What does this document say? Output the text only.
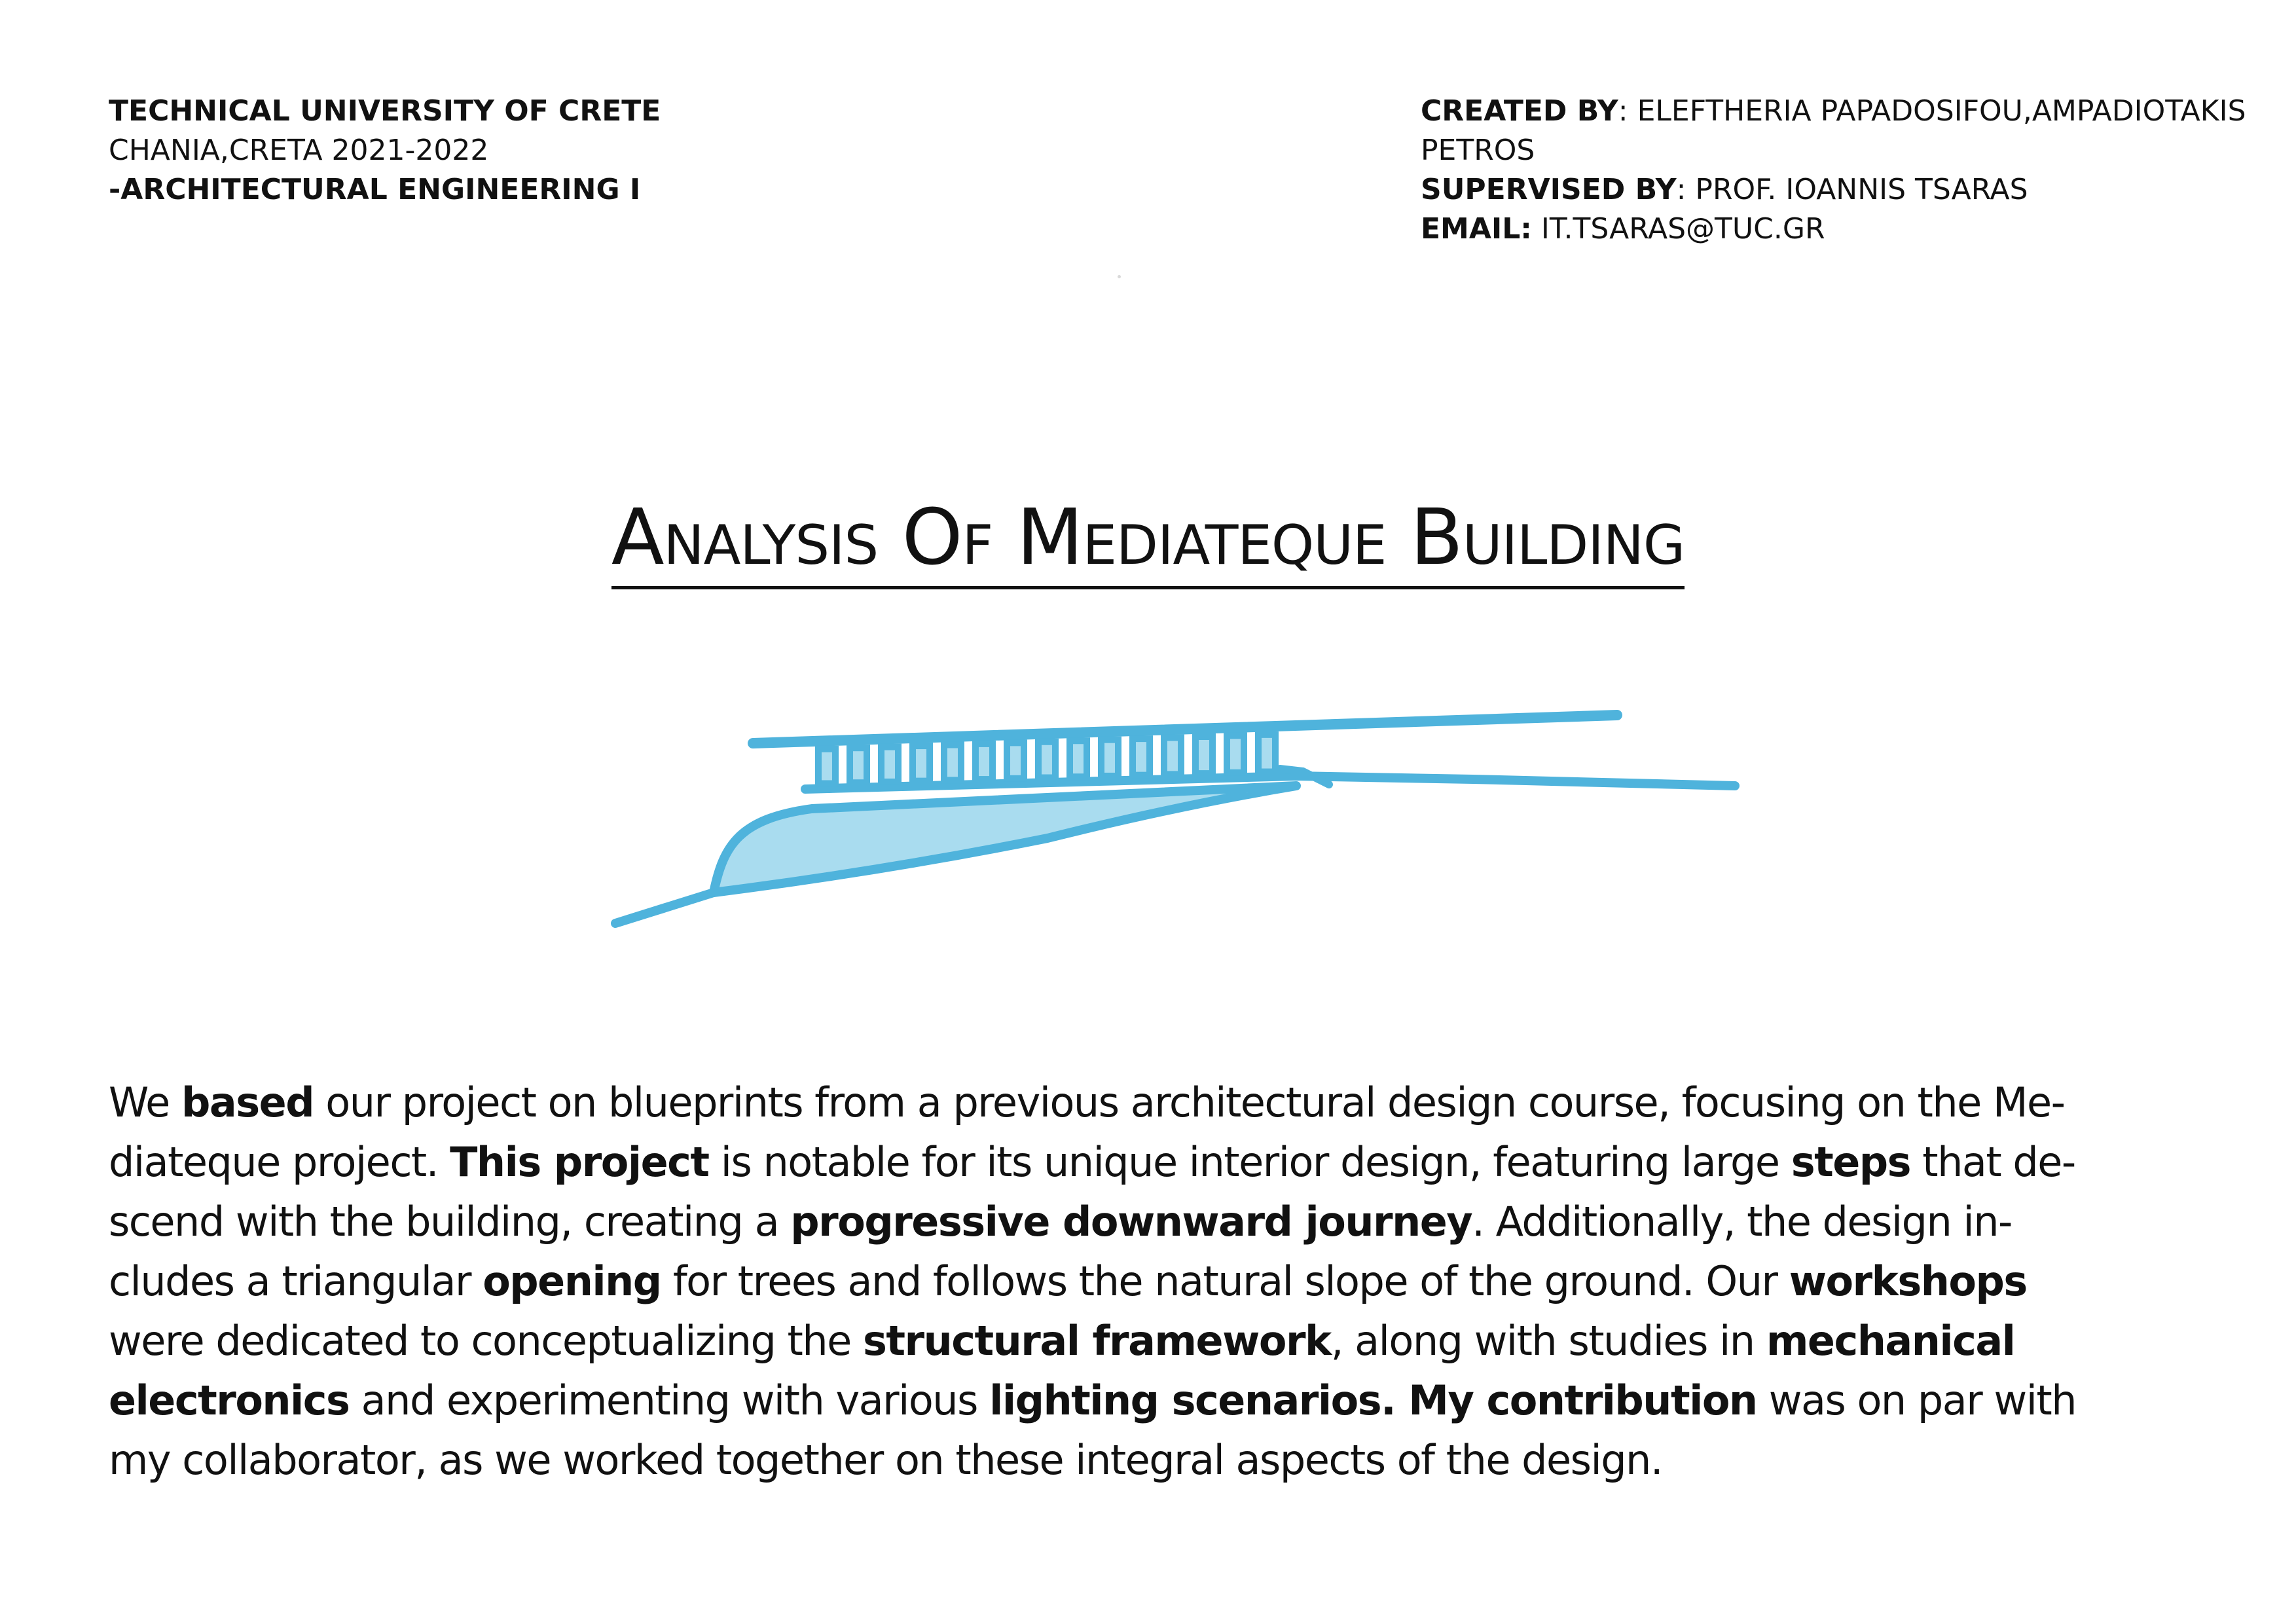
TECHNICAL UNIVERSITY OF CRETE
CHANIA,CRETA 2021-2022
-ARCHITECTURAL ENGINEERING I
CREATED BY: ELEFTHERIA PAPADOSIFOU,AMPADIOTAKIS PETROS
SUPERVISED BY: PROF. IOANNIS TSARAS
EMAIL: IT.TSARAS@TUC.GR
Analysis Of Mediateque Building
We based our project on blueprints from a previous architectural design course, focusing on the Me-
diateque project. This project is notable for its unique interior design, featuring large steps that de-
scend with the building, creating a progressive downward journey. Additionally, the design in-
cludes a triangular opening for trees and follows the natural slope of the ground. Our workshops
were dedicated to conceptualizing the structural framework, along with studies in mechanical
electronics and experimenting with various lighting scenarios. My contribution was on par with
my collaborator, as we worked together on these integral aspects of the design.
